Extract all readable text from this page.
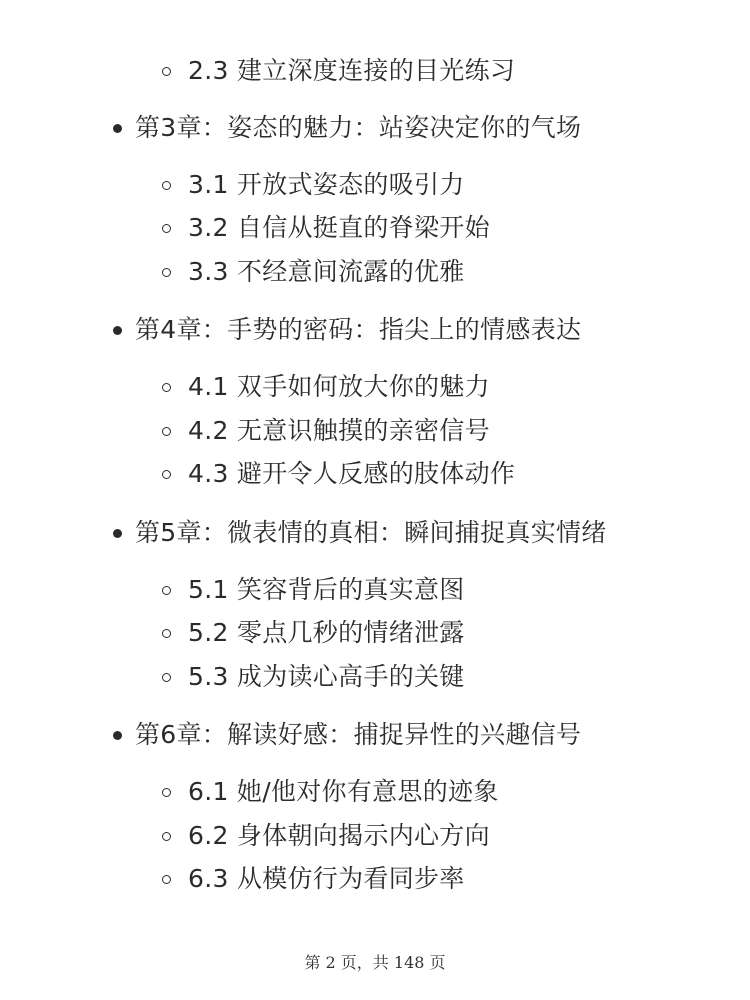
2.3 建立深度连接的目光练习
第3章：姿态的魅力：站姿决定你的气场
3.1 开放式姿态的吸引力
3.2 自信从挺直的脊梁开始
3.3 不经意间流露的优雅
第4章：手势的密码：指尖上的情感表达
4.1 双手如何放大你的魅力
4.2 无意识触摸的亲密信号
4.3 避开令人反感的肢体动作
第5章：微表情的真相：瞬间捕捉真实情绪
5.1 笑容背后的真实意图
5.2 零点几秒的情绪泄露
5.3 成为读心高手的关键
第6章：解读好感：捕捉异性的兴趣信号
6.1 她/他对你有意思的迹象
6.2 身体朝向揭示内心方向
6.3 从模仿行为看同步率
第 2 页，共 148 页
